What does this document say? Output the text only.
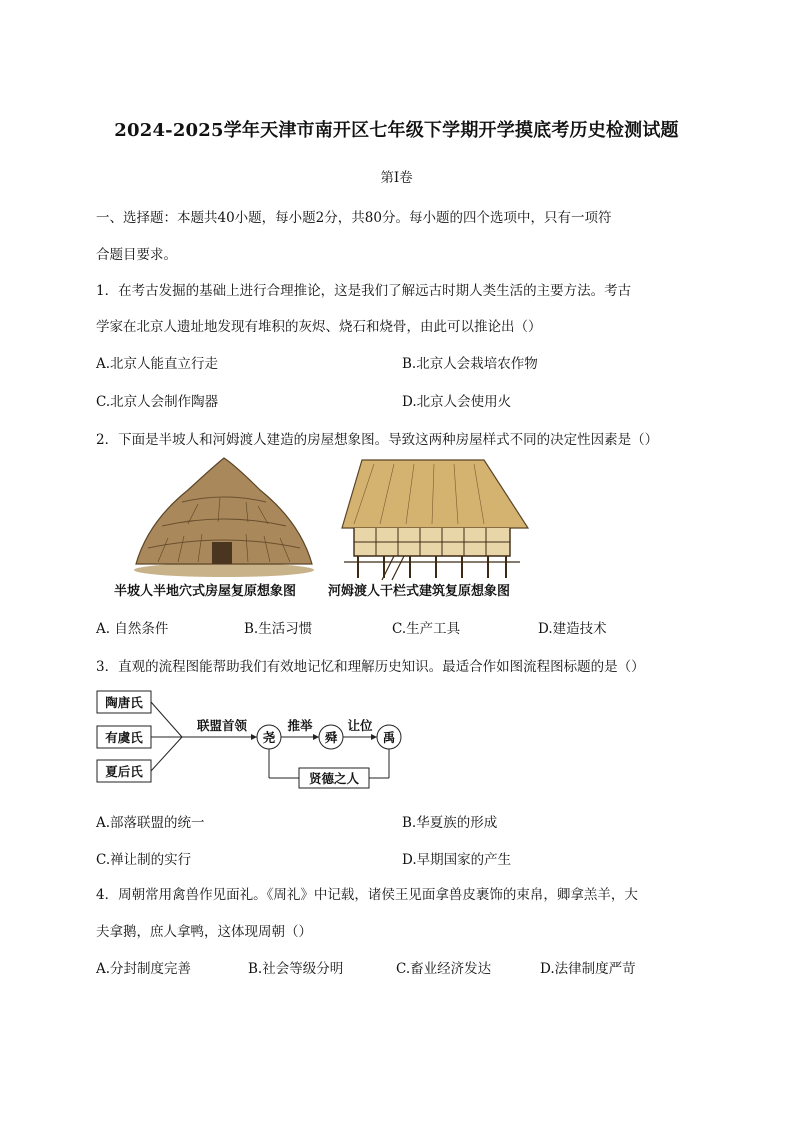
2024-2025学年天津市南开区七年级下学期开学摸底考历史检测试题
第I卷
一、选择题：本题共40小题，每小题2分，共80分。每小题的四个选项中，只有一项符
合题目要求。
1．在考古发掘的基础上进行合理推论，这是我们了解远古时期人类生活的主要方法。考古
学家在北京人遗址地发现有堆积的灰烬、烧石和烧骨，由此可以推论出（）
A.北京人能直立行走	B.北京人会栽培农作物
C.北京人会制作陶器	D.北京人会使用火
2．下面是半坡人和河姆渡人建造的房屋想象图。导致这两种房屋样式不同的决定性因素是（）
半坡人半地穴式房屋复原想象图 河姆渡人干栏式建筑复原想象图
A. 自然条件	B.生活习惯	C.生产工具	D.建造技术
3．直观的流程图能帮助我们有效地记忆和理解历史知识。最适合作如图流程图标题的是（）
陶唐氏
有虞氏
夏后氏
联盟首领	推举	让位
尧	舜	禹
贤德之人
A.部落联盟的统一	B.华夏族的形成
C.禅让制的实行	D.早期国家的产生
4．周朝常用禽兽作见面礼。《周礼》中记载，诸侯王见面拿兽皮裹饰的束帛，卿拿羔羊，大
夫拿鹅，庶人拿鸭，这体现周朝（）
A.分封制度完善	B.社会等级分明	C.畜业经济发达	D.法律制度严苛
